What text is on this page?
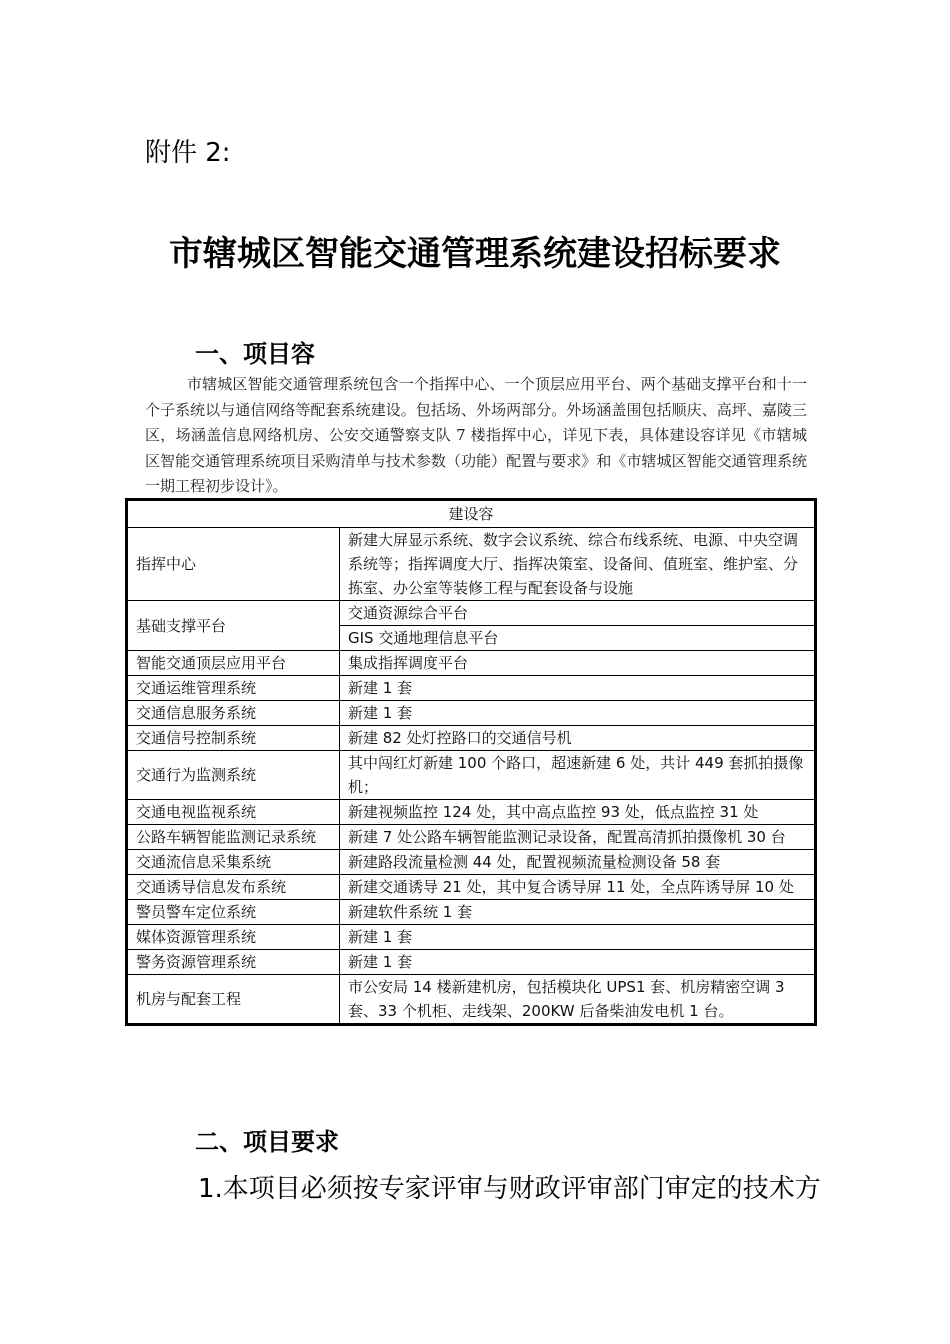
附件 2:
市辖城区智能交通管理系统建设招标要求
一、项目容
市辖城区智能交通管理系统包含一个指挥中心、一个顶层应用平台、两个基础支撑平台和十一个子系统以与通信网络等配套系统建设。包括场、外场两部分。外场涵盖围包括顺庆、高坪、嘉陵三区，场涵盖信息网络机房、公安交通警察支队 7 楼指挥中心，详见下表，具体建设容详见《市辖城区智能交通管理系统项目采购清单与技术参数（功能）配置与要求》和《市辖城区智能交通管理系统一期工程初步设计》。
建设容	
指挥中心	新建大屏显示系统、数字会议系统、综合布线系统、电源、中央空调系统等；指挥调度大厅、指挥决策室、设备间、值班室、维护室、分拣室、办公室等装修工程与配套设备与设施
基础支撑平台	交通资源综合平台
	GIS 交通地理信息平台
智能交通顶层应用平台	集成指挥调度平台
交通运维管理系统	新建 1 套
交通信息服务系统	新建 1 套
交通信号控制系统	新建 82 处灯控路口的交通信号机
交通行为监测系统	其中闯红灯新建 100 个路口，超速新建 6 处，共计 449 套抓拍摄像机；
交通电视监视系统	新建视频监控 124 处，其中高点监控 93 处，低点监控 31 处
公路车辆智能监测记录系统	新建 7 处公路车辆智能监测记录设备，配置高清抓拍摄像机 30 台
交通流信息采集系统	新建路段流量检测 44 处，配置视频流量检测设备 58 套
交通诱导信息发布系统	新建交通诱导 21 处，其中复合诱导屏 11 处，全点阵诱导屏 10 处
警员警车定位系统	新建软件系统 1 套
媒体资源管理系统	新建 1 套
警务资源管理系统	新建 1 套
机房与配套工程	市公安局 14 楼新建机房，包括模块化 UPS1 套、机房精密空调 3 套、33 个机柜、走线架、200KW 后备柴油发电机 1 台。
二、项目要求
1.本项目必须按专家评审与财政评审部门审定的技术方
